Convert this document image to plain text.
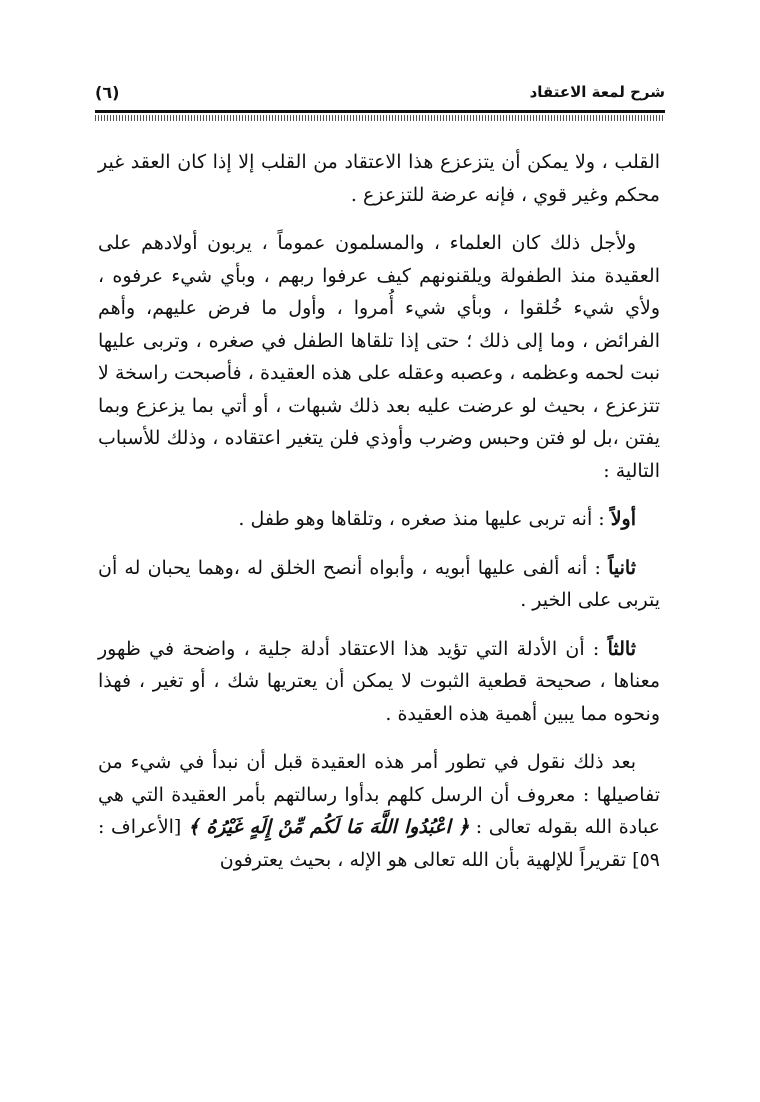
شرح لمعة الاعتقاد
(٦)

القلب ، ولا يمكن أن يتزعزع هذا الاعتقاد من القلب إلا إذا كان العقد غير محكم وغير قوي ، فإنه عرضة للتزعزع .

ولأجل ذلك كان العلماء ، والمسلمون عموماً ، يربون أولادهم على العقيدة منذ الطفولة ويلقنونهم كيف عرفوا ربهم ، وبأي شيء عرفوه ، ولأي شيء خُلقوا ، وبأي شيء أُمروا ، وأول ما فرض عليهم، وأهم الفرائض ، وما إلى ذلك ؛ حتى إذا تلقاها الطفل في صغره ، وتربى عليها نبت لحمه وعظمه ، وعصبه وعقله على هذه العقيدة ، فأصبحت راسخة لا تتزعزع ، بحيث لو عرضت عليه بعد ذلك شبهات ، أو أتي بما يزعزع وبما يفتن ،بل لو فتن وحبس وضرب وأوذي فلن يتغير اعتقاده ، وذلك للأسباب التالية :

أولاً : أنه تربى عليها منذ صغره ، وتلقاها وهو طفل .

ثانياً : أنه ألفى عليها أبويه ، وأبواه أنصح الخلق له ،وهما يحبان له أن يتربى على الخير .

ثالثاً : أن الأدلة التي تؤيد هذا الاعتقاد أدلة جلية ، واضحة في ظهور معناها ، صحيحة قطعية الثبوت لا يمكن أن يعتريها شك ، أو تغير ، فهذا ونحوه مما يبين أهمية هذه العقيدة .

بعد ذلك نقول في تطور أمر هذه العقيدة قبل أن نبدأ في شيء من تفاصيلها : معروف أن الرسل كلهم بدأوا رسالتهم بأمر العقيدة التي هي عبادة الله بقوله تعالى : ﴿ اعْبُدُوا اللَّهَ مَا لَكُم مِّنْ إِلَهٍ غَيْرُهُ ﴾ [الأعراف : ٥٩] تقريراً للإلهية بأن الله تعالى هو الإله ، بحيث يعترفون
